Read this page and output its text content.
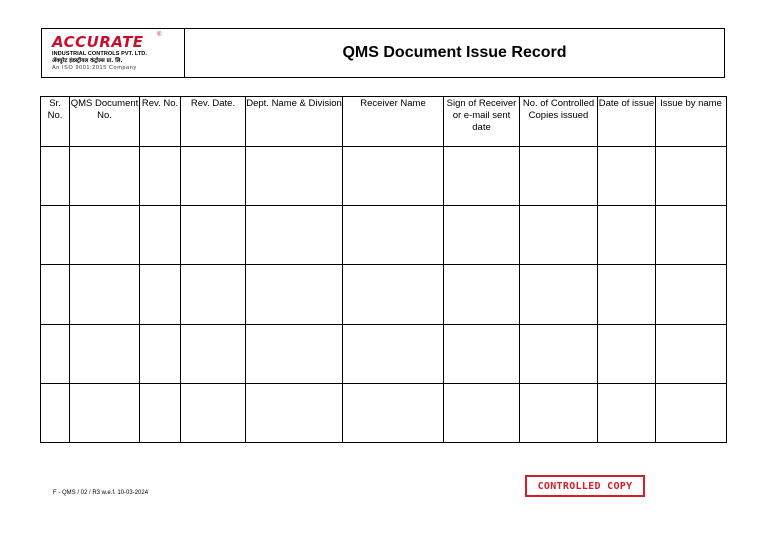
ACCURATE	®
INDUSTRIAL CONTROLS PVT. LTD.
ॲक्युरेट इंडस्ट्रीयल कंट्रोल्स प्रा. लि.
An ISO 9001:2015 Company
QMS Document Issue Record
Sr. No.	QMS Document No.	Rev. No.	Rev. Date.	Dept. Name & Division	Receiver Name	Sign of Receiver or e-mail sent date	No. of Controlled Copies issued	Date of issue	Issue by name

F - QMS / 02 / R3 w.e.f. 10-03-2024
CONTROLLED COPY
